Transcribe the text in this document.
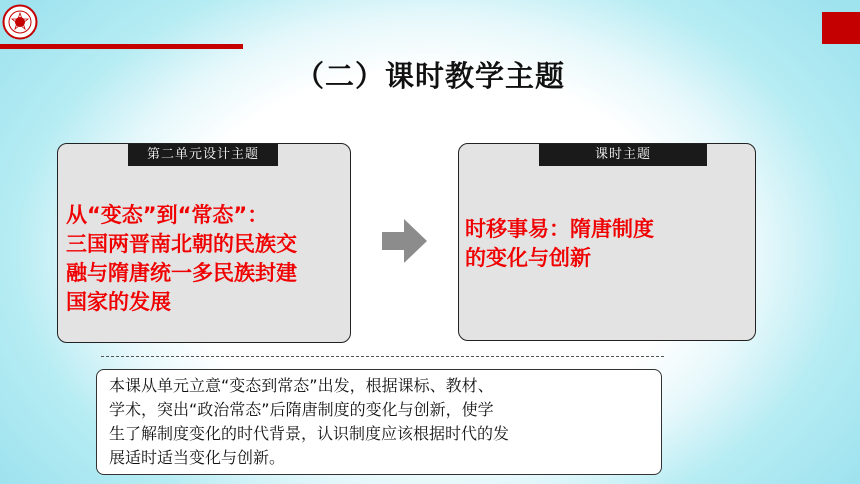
（二）课时教学主题
第二单元设计主题
从“变态”到“常态”：
三国两晋南北朝的民族交
融与隋唐统一多民族封建
国家的发展
课时主题
时移事易：隋唐制度
的变化与创新
本课从单元立意“变态到常态”出发，根据课标、教材、
学术，突出“政治常态”后隋唐制度的变化与创新，使学
生了解制度变化的时代背景，认识制度应该根据时代的发
展适时适当变化与创新。
